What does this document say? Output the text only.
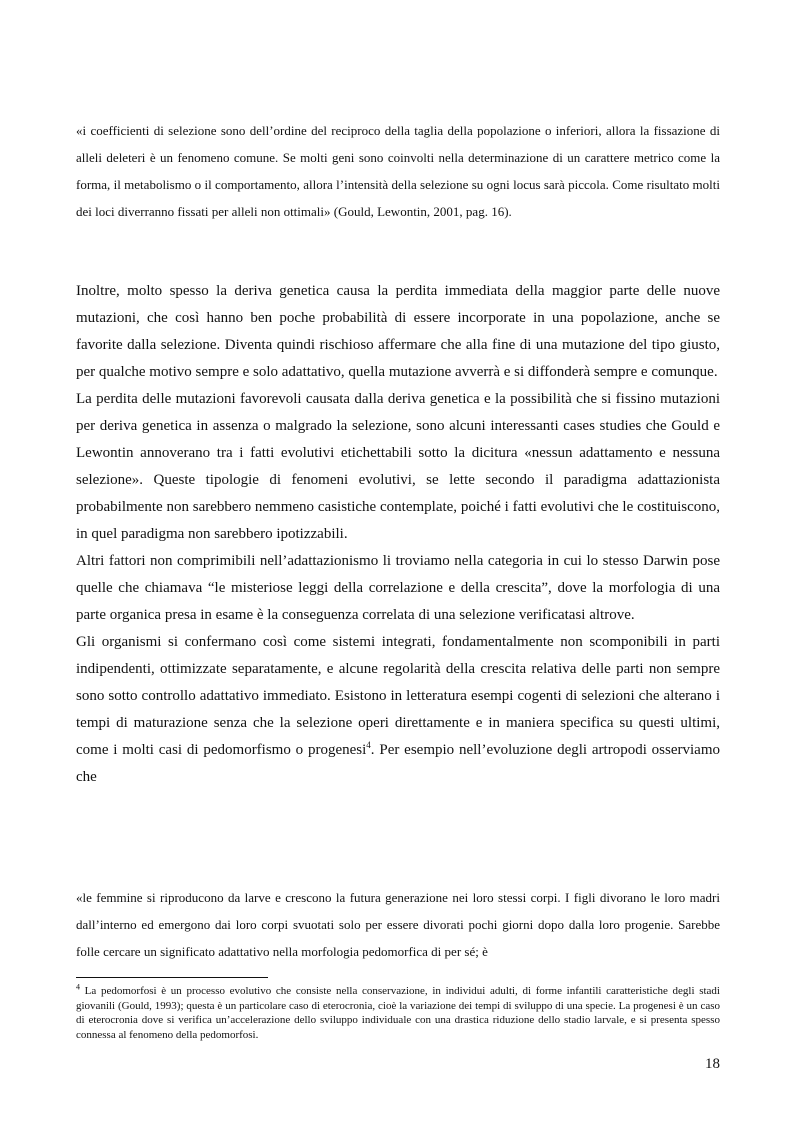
«i coefficienti di selezione sono dell’ordine del reciproco della taglia della popolazione o inferiori, allora la fissazione di alleli deleteri è un fenomeno comune. Se molti geni sono coinvolti nella determinazione di un carattere metrico come la forma, il metabolismo o il comportamento, allora l’intensità della selezione su ogni locus sarà piccola. Come risultato molti dei loci diverranno fissati per alleli non ottimali» (Gould, Lewontin, 2001, pag. 16).

Inoltre, molto spesso la deriva genetica causa la perdita immediata della maggior parte delle nuove mutazioni, che così hanno ben poche probabilità di essere incorporate in una popolazione, anche se favorite dalla selezione. Diventa quindi rischioso affermare che alla fine di una mutazione del tipo giusto, per qualche motivo sempre e solo adattativo, quella mutazione avverrà e si diffonderà sempre e comunque.

La perdita delle mutazioni favorevoli causata dalla deriva genetica e la possibilità che si fissino mutazioni per deriva genetica in assenza o malgrado la selezione, sono alcuni interessanti cases studies che Gould e Lewontin annoverano tra i fatti evolutivi etichettabili sotto la dicitura «nessun adattamento e nessuna selezione». Queste tipologie di fenomeni evolutivi, se lette secondo il paradigma adattazionista probabilmente non sarebbero nemmeno casistiche contemplate, poiché i fatti evolutivi che le costituiscono, in quel paradigma non sarebbero ipotizzabili.

Altri fattori non comprimibili nell’adattazionismo li troviamo nella categoria in cui lo stesso Darwin pose quelle che chiamava “le misteriose leggi della correlazione e della crescita”, dove la morfologia di una parte organica presa in esame è la conseguenza correlata di una selezione verificatasi altrove.

Gli organismi si confermano così come sistemi integrati, fondamentalmente non scomponibili in parti indipendenti, ottimizzate separatamente, e alcune regolarità della crescita relativa delle parti non sempre sono sotto controllo adattativo immediato. Esistono in letteratura esempi cogenti di selezioni che alterano i tempi di maturazione senza che la selezione operi direttamente e in maniera specifica su questi ultimi, come i molti casi di pedomorfismo o progenesi$^4$. Per esempio nell’evoluzione degli artropodi osserviamo che

«le femmine si riproducono da larve e crescono la futura generazione nei loro stessi corpi. I figli divorano le loro madri dall’interno ed emergono dai loro corpi svuotati solo per essere divorati pochi giorni dopo dalla loro progenie. Sarebbe folle cercare un significato adattativo nella morfologia pedomorfica di per sé; è

$^4$ La pedomorfosi è un processo evolutivo che consiste nella conservazione, in individui adulti, di forme infantili caratteristiche degli stadi giovanili (Gould, 1993); questa è un particolare caso di eterocronia, cioè la variazione dei tempi di sviluppo di una specie. La progenesi è un caso di eterocronia dove si verifica un’accelerazione dello sviluppo individuale con una drastica riduzione dello stadio larvale, e si presenta spesso connessa al fenomeno della pedomorfosi.
18
